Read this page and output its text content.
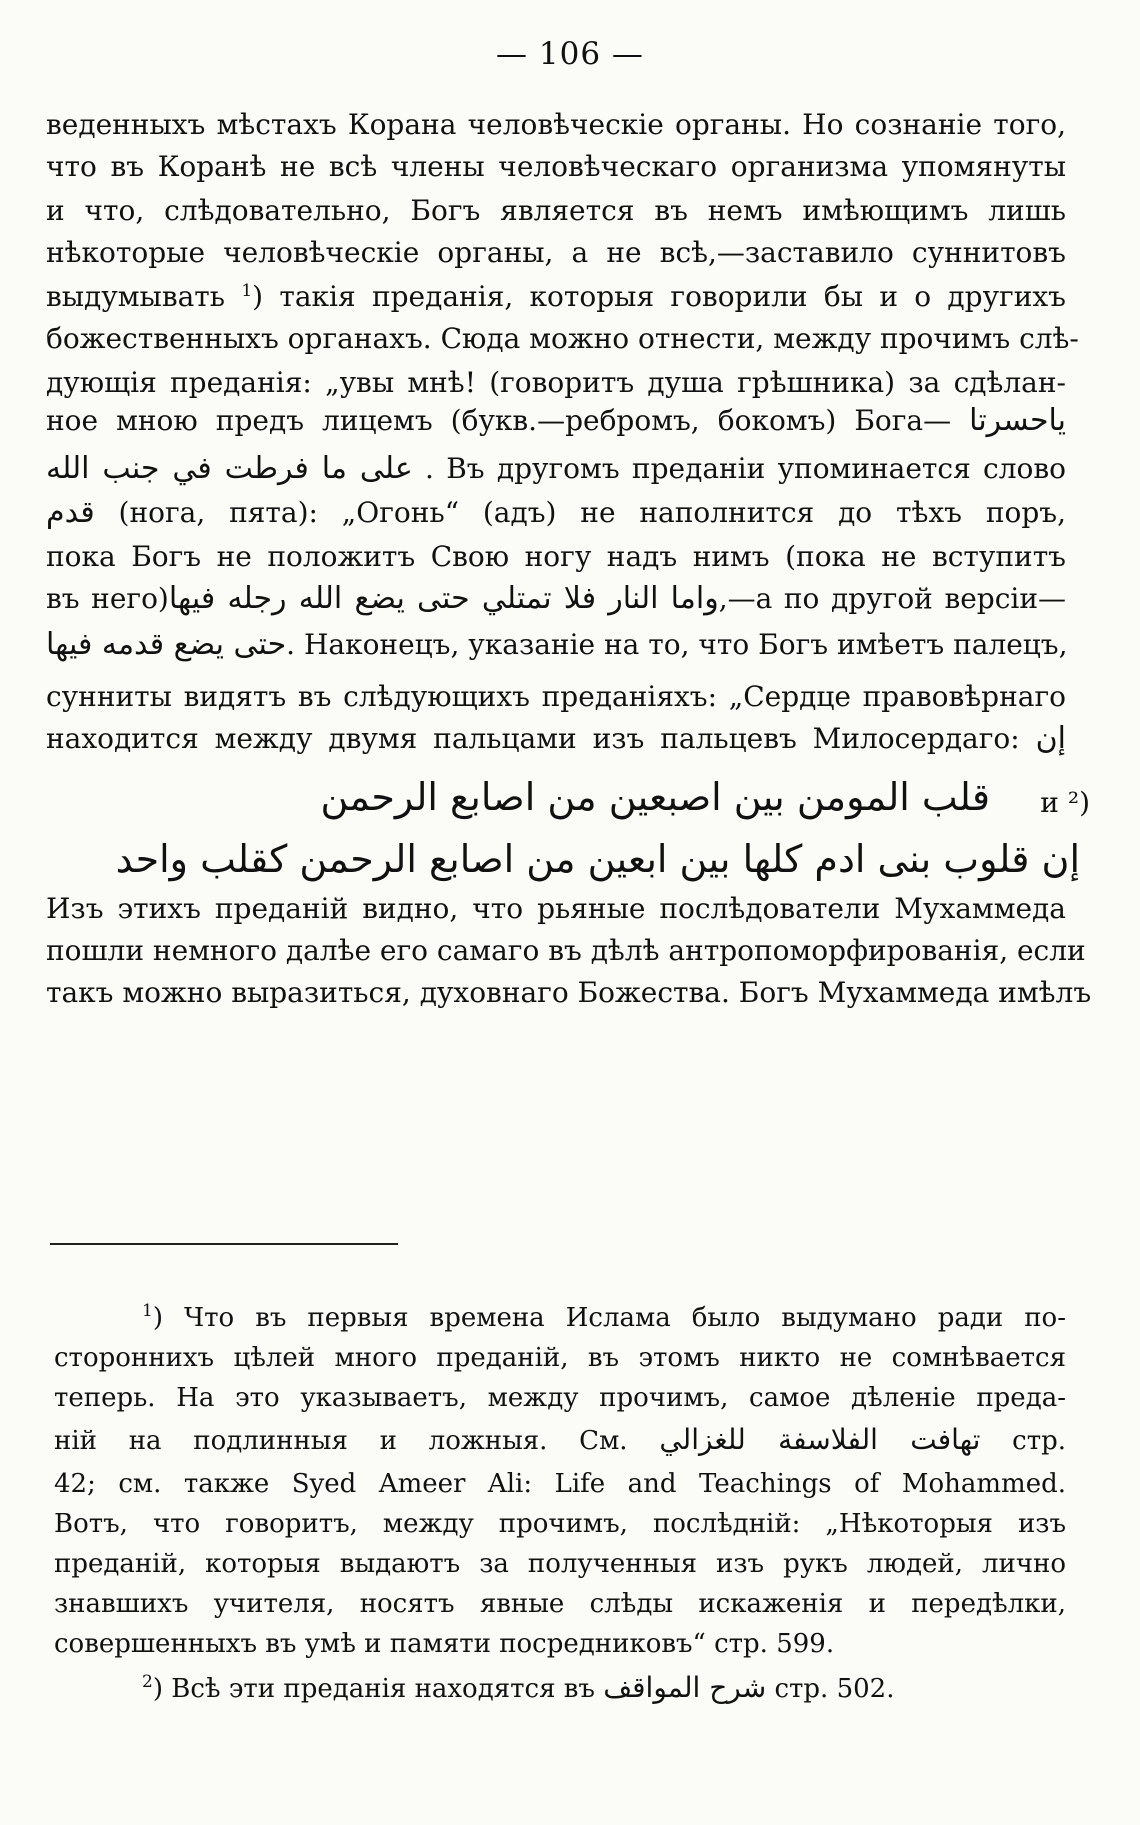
— 106 —
веденныхъ мѣстахъ Корана человѣческіе органы. Но сознаніе того,
что въ Коранѣ не всѣ члены человѣческаго организма упомянуты
и что, слѣдовательно, Богъ является въ немъ имѣющимъ лишь
нѣкоторые человѣческіе органы, а не всѣ,—заставило суннитовъ
выдумывать $^1$) такія преданія, которыя говорили бы и о другихъ
божественныхъ органахъ. Сюда можно отнести, между прочимъ слѣ-
дующія преданія: „увы мнѣ! (говоритъ душа грѣшника) за сдѣлан-
ное мною предъ лицемъ (букв.—ребромъ, бокомъ) Бога— ياحسرتا
على ما فرطت في جنب الله . Въ другомъ преданіи упоминается слово
قدم (нога, пята): „Огонь“ (адъ) не наполнится до тѣхъ поръ,
пока Богъ не положитъ Свою ногу надъ нимъ (пока не вступитъ
въ него)واما النار فلا تمتلي حتى يضع الله رجله فيها,—а по другой версіи—
حتى يضع قدمه فيها. Наконецъ, указаніе на то, что Богъ имѣетъ палецъ,
сунниты видятъ въ слѣдующихъ преданіяхъ: „Сердце правовѣрнаго
находится между двумя пальцами изъ пальцевъ Милосердаго: إن
قلب المومن بين اصبعين من اصابع الرحمن и ²)
إن قلوب بنى ادم كلها بين ابعين من اصابع الرحمن كقلب واحد
Изъ этихъ преданій видно, что рьяные послѣдователи Мухаммеда
пошли немного далѣе его самаго въ дѣлѣ антропоморфированія, если
такъ можно выразиться, духовнаго Божества. Богъ Мухаммеда имѣлъ
$^1$) Что въ первыя времена Ислама было выдумано ради по-
стороннихъ цѣлей много преданій, въ этомъ никто не сомнѣвается
теперь. На это указываетъ, между прочимъ, самое дѣленіе преда-
ній на подлинныя и ложныя. См. تهافت الفلاسفة للغزالي стр.
42; см. также Syed Ameer Ali: Life and Teachings of Mohammed.
Вотъ, что говоритъ, между прочимъ, послѣдній: „Нѣкоторыя изъ
преданій, которыя выдаютъ за полученныя изъ рукъ людей, лично
знавшихъ учителя, носятъ явные слѣды искаженія и передѣлки,
совершенныхъ въ умѣ и памяти посредниковъ“ стр. 599.
$^2$) Всѣ эти преданія находятся въ شرح المواقف стр. 502.
